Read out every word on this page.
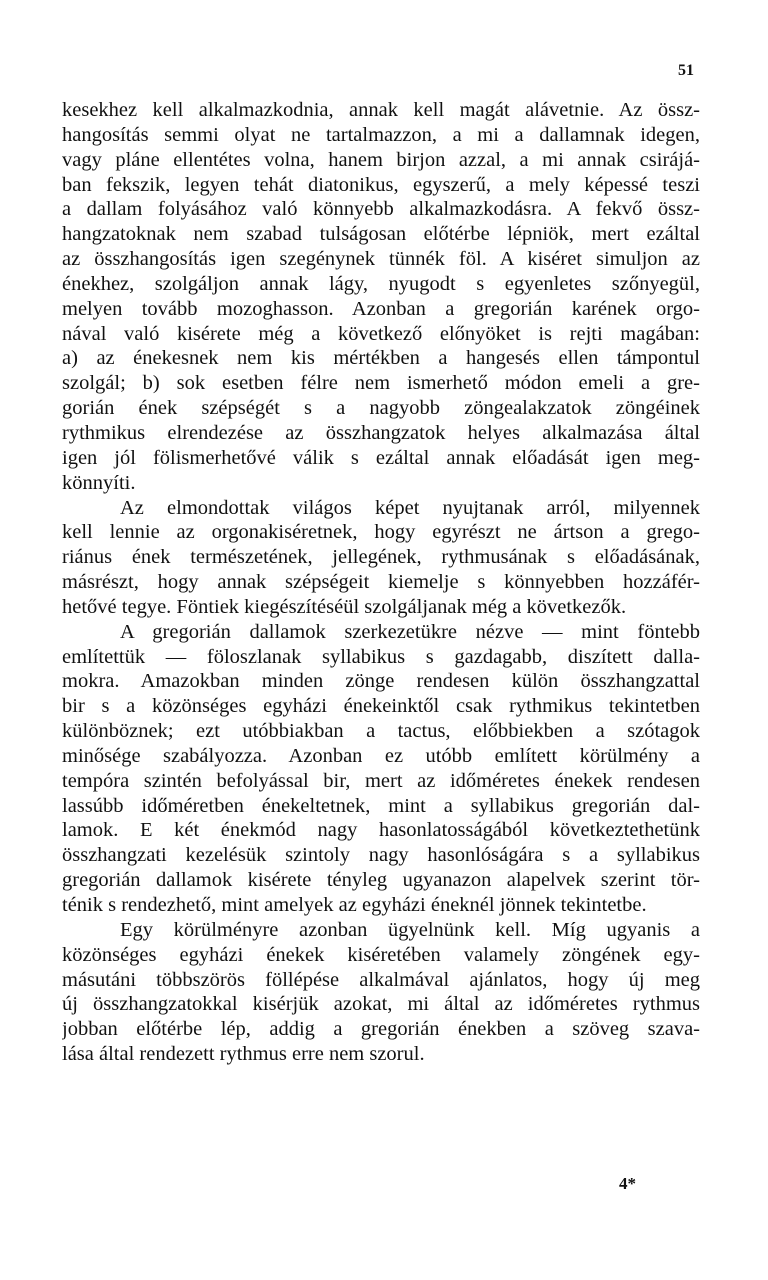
51
kesekhez kell alkalmazkodnia, annak kell magát alávetnie. Az össz-
hangosítás semmi olyat ne tartalmazzon, a mi a dallamnak idegen,
vagy pláne ellentétes volna, hanem birjon azzal, a mi annak csirájá-
ban fekszik, legyen tehát diatonikus, egyszerű, a mely képessé teszi
a dallam folyásához való könnyebb alkalmazkodásra. A fekvő össz-
hangzatoknak nem szabad tulságosan előtérbe lépniök, mert ezáltal
az összhangosítás igen szegénynek tünnék föl. A kiséret simuljon az
énekhez, szolgáljon annak lágy, nyugodt s egyenletes szőnyegül,
melyen tovább mozoghasson. Azonban a gregorián karének orgo-
nával való kisérete még a következő előnyöket is rejti magában:
a) az énekesnek nem kis mértékben a hangesés ellen támpontul
szolgál; b) sok esetben félre nem ismerhető módon emeli a gre-
gorián ének szépségét s a nagyobb zöngealakzatok zöngéinek
rythmikus elrendezése az összhangzatok helyes alkalmazása által
igen jól fölismerhetővé válik s ezáltal annak előadását igen meg-
könnyíti.
Az elmondottak világos képet nyujtanak arról, milyennek
kell lennie az orgonakiséretnek, hogy egyrészt ne ártson a grego-
riánus ének természetének, jellegének, rythmusának s előadásának,
másrészt, hogy annak szépségeit kiemelje s könnyebben hozzáfér-
hetővé tegye. Föntiek kiegészítéséül szolgáljanak még a következők.
A gregorián dallamok szerkezetükre nézve — mint föntebb
említettük — föloszlanak syllabikus s gazdagabb, diszített dalla-
mokra. Amazokban minden zönge rendesen külön összhangzattal
bir s a közönséges egyházi énekeinktől csak rythmikus tekintetben
különböznek; ezt utóbbiakban a tactus, előbbiekben a szótagok
minősége szabályozza. Azonban ez utóbb említett körülmény a
tempóra szintén befolyással bir, mert az időméretes énekek rendesen
lassúbb időméretben énekeltetnek, mint a syllabikus gregorián dal-
lamok. E két énekmód nagy hasonlatosságából következtethetünk
összhangzati kezelésük szintoly nagy hasonlóságára s a syllabikus
gregorián dallamok kisérete tényleg ugyanazon alapelvek szerint tör-
ténik s rendezhető, mint amelyek az egyházi éneknél jönnek tekintetbe.
Egy körülményre azonban ügyelnünk kell. Míg ugyanis a
közönséges egyházi énekek kiséretében valamely zöngének egy-
másutáni többszörös föllépése alkalmával ajánlatos, hogy új meg
új összhangzatokkal kisérjük azokat, mi által az időméretes rythmus
jobban előtérbe lép, addig a gregorián énekben a szöveg szava-
lása által rendezett rythmus erre nem szorul.
4*
